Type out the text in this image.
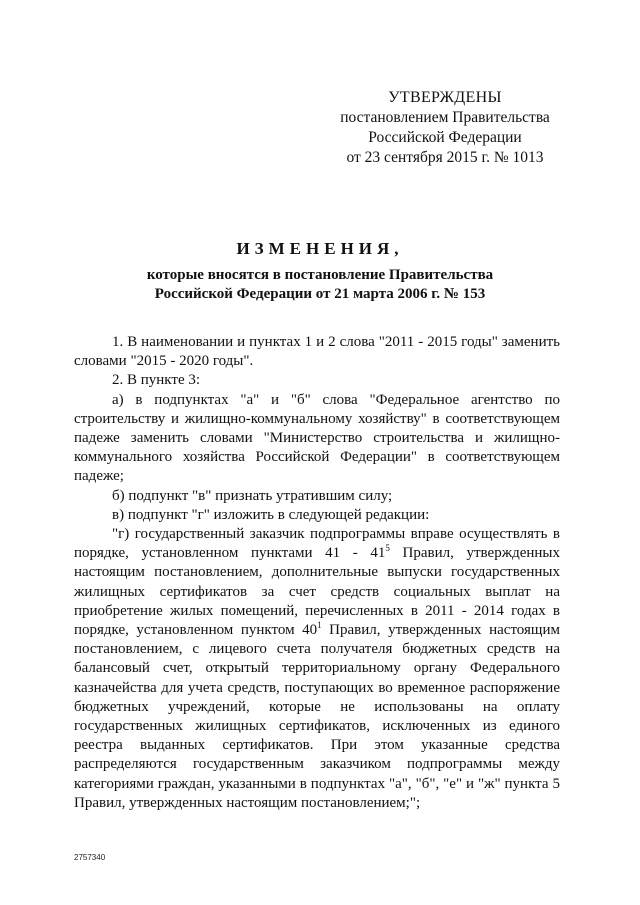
УТВЕРЖДЕНЫ
постановлением Правительства
Российской Федерации
от 23 сентября 2015 г. № 1013
ИЗМЕНЕНИЯ,
которые вносятся в постановление Правительства
Российской Федерации от 21 марта 2006 г. № 153

1. В наименовании и пунктах 1 и 2 слова "2011 - 2015 годы" заменить словами "2015 - 2020 годы".

2. В пункте 3:

а) в подпунктах "а" и "б" слова "Федеральное агентство по строительству и жилищно-коммунальному хозяйству" в соответствующем падеже заменить словами "Министерство строительства и жилищно-коммунального хозяйства Российской Федерации" в соответствующем падеже;

б) подпункт "в" признать утратившим силу;

в) подпункт "г" изложить в следующей редакции:

"г) государственный заказчик подпрограммы вправе осуществлять в порядке, установленном пунктами $41 - 41^5$ Правил, утвержденных настоящим постановлением, дополнительные выпуски государственных жилищных сертификатов за счет средств социальных выплат на приобретение жилых помещений, перечисленных в 2011 - 2014 годах в порядке, установленном пунктом $40^1$ Правил, утвержденных настоящим постановлением, с лицевого счета получателя бюджетных средств на балансовый счет, открытый территориальному органу Федерального казначейства для учета средств, поступающих во временное распоряжение бюджетных учреждений, которые не использованы на оплату государственных жилищных сертификатов, исключенных из единого реестра выданных сертификатов. При этом указанные средства распределяются государственным заказчиком подпрограммы между категориями граждан, указанными в подпунктах "а", "б", "е" и "ж" пункта 5 Правил, утвержденных настоящим постановлением;";

2757340
